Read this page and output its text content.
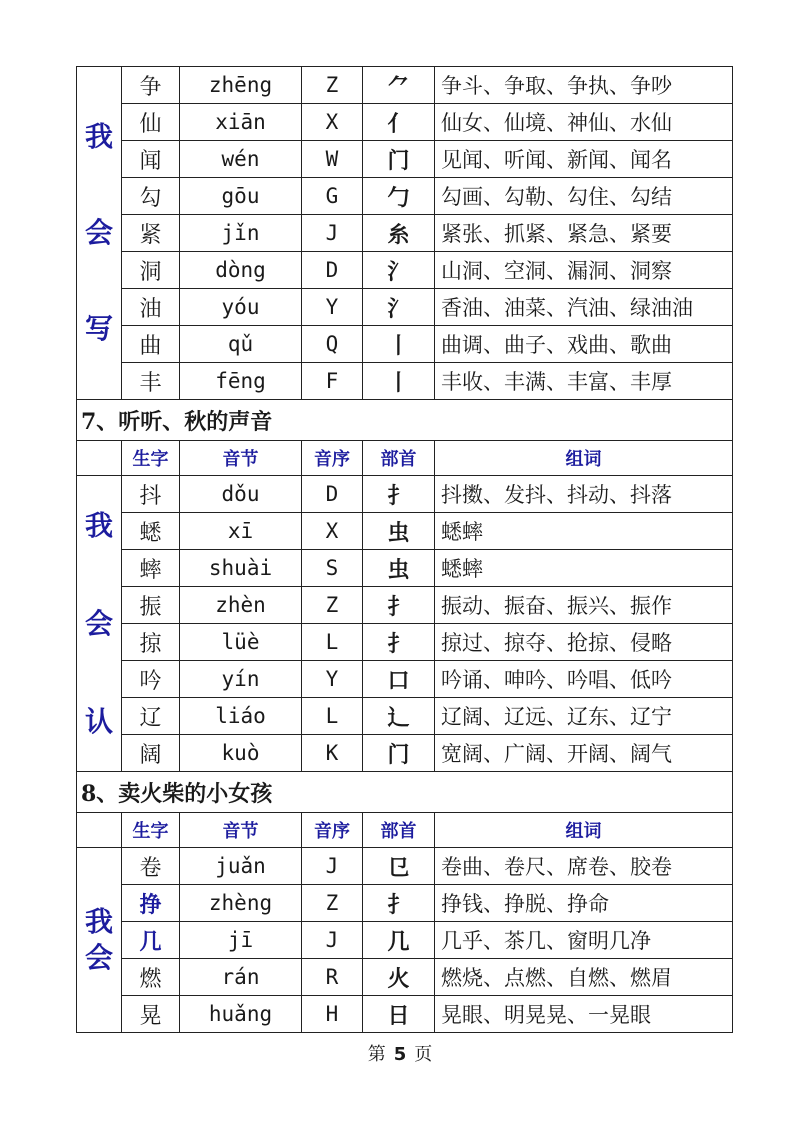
我
会
写	争	zhēng	Z	⺈	争斗、争取、争执、争吵
	仙	xiān	X	亻	仙女、仙境、神仙、水仙
	闻	wén	W	门	见闻、听闻、新闻、闻名
	勾	gōu	G	勹	勾画、勾勒、勾住、勾结
	紧	jǐn	J	糸	紧张、抓紧、紧急、紧要
	洞	dòng	D	氵	山洞、空洞、漏洞、洞察
	油	yóu	Y	氵	香油、油菜、汽油、绿油油
	曲	qǔ	Q	丨	曲调、曲子、戏曲、歌曲
	丰	fēng	F	丨	丰收、丰满、丰富、丰厚
7、听听、秋的声音					
	生字	音节	音序	部首	组词

我
会
认	抖	dǒu	D	扌	抖擞、发抖、抖动、抖落
	蟋	xī	X	虫	蟋蟀
	蟀	shuài	S	虫	蟋蟀
	振	zhèn	Z	扌	振动、振奋、振兴、振作
	掠	lüè	L	扌	掠过、掠夺、抢掠、侵略
	吟	yín	Y	口	吟诵、呻吟、吟唱、低吟
	辽	liáo	L	辶	辽阔、辽远、辽东、辽宁
	阔	kuò	K	门	宽阔、广阔、开阔、阔气
8、卖火柴的小女孩					
	生字	音节	音序	部首	组词

我
会	卷	juǎn	J	㔾	卷曲、卷尺、席卷、胶卷
	挣	zhèng	Z	扌	挣钱、挣脱、挣命
	几	jī	J	几	几乎、茶几、窗明几净
	燃	rán	R	火	燃烧、点燃、自燃、燃眉
	晃	huǎng	H	日	晃眼、明晃晃、一晃眼
第 5 页
